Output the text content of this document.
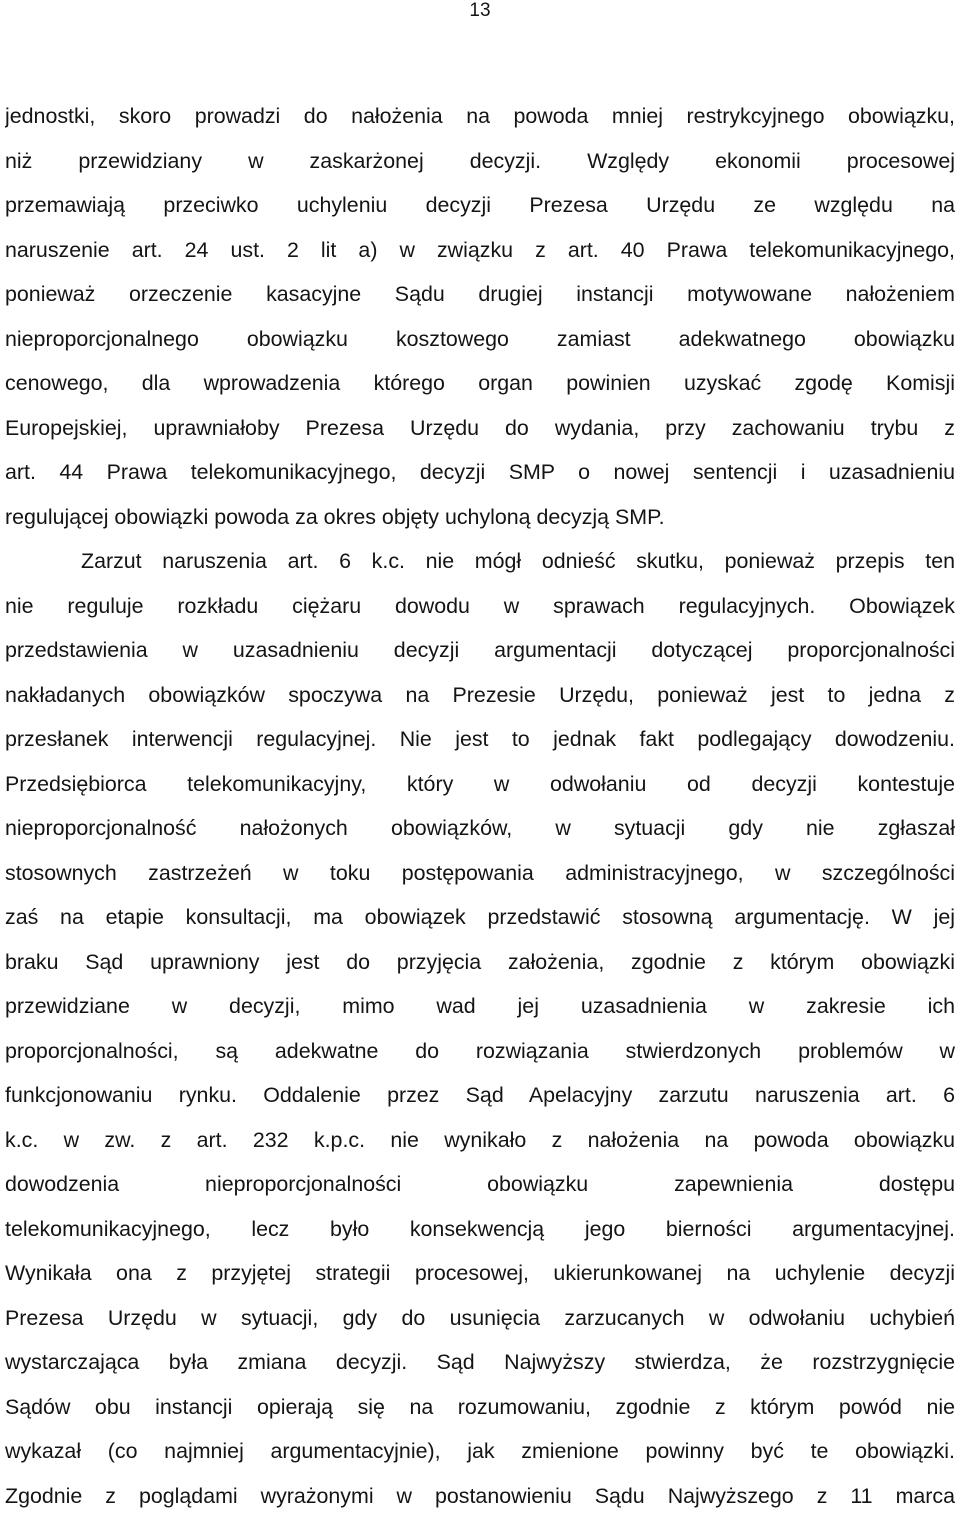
13
jednostki, skoro prowadzi do nałożenia na powoda mniej restrykcyjnego obowiązku,
niż przewidziany w zaskarżonej decyzji. Względy ekonomii procesowej
przemawiają przeciwko uchyleniu decyzji Prezesa Urzędu ze względu na
naruszenie art. 24 ust. 2 lit a) w związku z art. 40 Prawa telekomunikacyjnego,
ponieważ orzeczenie kasacyjne Sądu drugiej instancji motywowane nałożeniem
nieproporcjonalnego obowiązku kosztowego zamiast adekwatnego obowiązku
cenowego, dla wprowadzenia którego organ powinien uzyskać zgodę Komisji
Europejskiej, uprawniałoby Prezesa Urzędu do wydania, przy zachowaniu trybu z
art. 44 Prawa telekomunikacyjnego, decyzji SMP o nowej sentencji i uzasadnieniu
regulującej obowiązki powoda za okres objęty uchyloną decyzją SMP.
Zarzut naruszenia art. 6 k.c. nie mógł odnieść skutku, ponieważ przepis ten
nie reguluje rozkładu ciężaru dowodu w sprawach regulacyjnych. Obowiązek
przedstawienia w uzasadnieniu decyzji argumentacji dotyczącej proporcjonalności
nakładanych obowiązków spoczywa na Prezesie Urzędu, ponieważ jest to jedna z
przesłanek interwencji regulacyjnej. Nie jest to jednak fakt podlegający dowodzeniu.
Przedsiębiorca telekomunikacyjny, który w odwołaniu od decyzji kontestuje
nieproporcjonalność nałożonych obowiązków, w sytuacji gdy nie zgłaszał
stosownych zastrzeżeń w toku postępowania administracyjnego, w szczególności
zaś na etapie konsultacji, ma obowiązek przedstawić stosowną argumentację. W jej
braku Sąd uprawniony jest do przyjęcia założenia, zgodnie z którym obowiązki
przewidziane w decyzji, mimo wad jej uzasadnienia w zakresie ich
proporcjonalności, są adekwatne do rozwiązania stwierdzonych problemów w
funkcjonowaniu rynku. Oddalenie przez Sąd Apelacyjny zarzutu naruszenia art. 6
k.c. w zw. z art. 232 k.p.c. nie wynikało z nałożenia na powoda obowiązku
dowodzenia nieproporcjonalności obowiązku zapewnienia dostępu
telekomunikacyjnego, lecz było konsekwencją jego bierności argumentacyjnej.
Wynikała ona z przyjętej strategii procesowej, ukierunkowanej na uchylenie decyzji
Prezesa Urzędu w sytuacji, gdy do usunięcia zarzucanych w odwołaniu uchybień
wystarczająca była zmiana decyzji. Sąd Najwyższy stwierdza, że rozstrzygnięcie
Sądów obu instancji opierają się na rozumowaniu, zgodnie z którym powód nie
wykazał (co najmniej argumentacyjnie), jak zmienione powinny być te obowiązki.
Zgodnie z poglądami wyrażonymi w postanowieniu Sądu Najwyższego z 11 marca
